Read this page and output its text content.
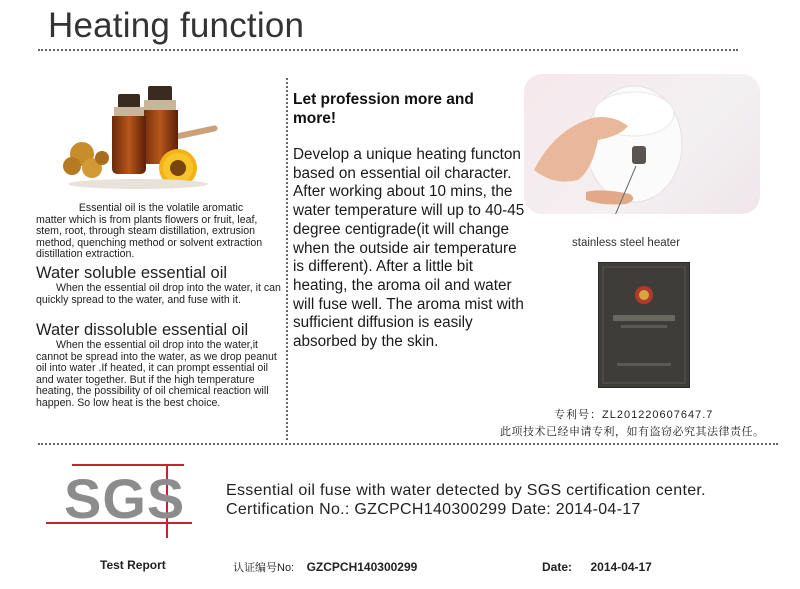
Heating function
Essential oil is the volatile aromatic
matter which is from plants flowers or fruit, leaf, stem, root, through steam distillation, extrusion method, quenching method or solvent extraction distillation extraction.
Water soluble essential oil
When the essential oil drop into the water, it can quickly spread to the water, and fuse with it.
Water dissoluble essential oil
When the essential oil drop into the water,it cannot be spread into the water, as we drop peanut oil into water .If heated, it can prompt essential oil and water together. But if the high temperature heating, the possibility of oil chemical reaction will happen. So low heat is the best choice.
Let profession more and more!
Develop a unique heating functon based on essential oil character. After working about 10 mins, the water temperature will up to 40-45 degree centigrade(it will change when the outside air temperature is different). After a little bit heating, the aroma oil and water will fuse well. The aroma mist with sufficient diffusion is easily absorbed by the skin.
stainless steel heater
专利号：ZL201220607647.7
此项技术已经申请专利，如有盗窃必究其法律责任。
SGS	Essential oil fuse with water detected by SGS certification center.
Certification No.: GZCPCH140300299 Date: 2014-04-17
Test Report	认证编号No: GZCPCH140300299	Date: 2014-04-17
